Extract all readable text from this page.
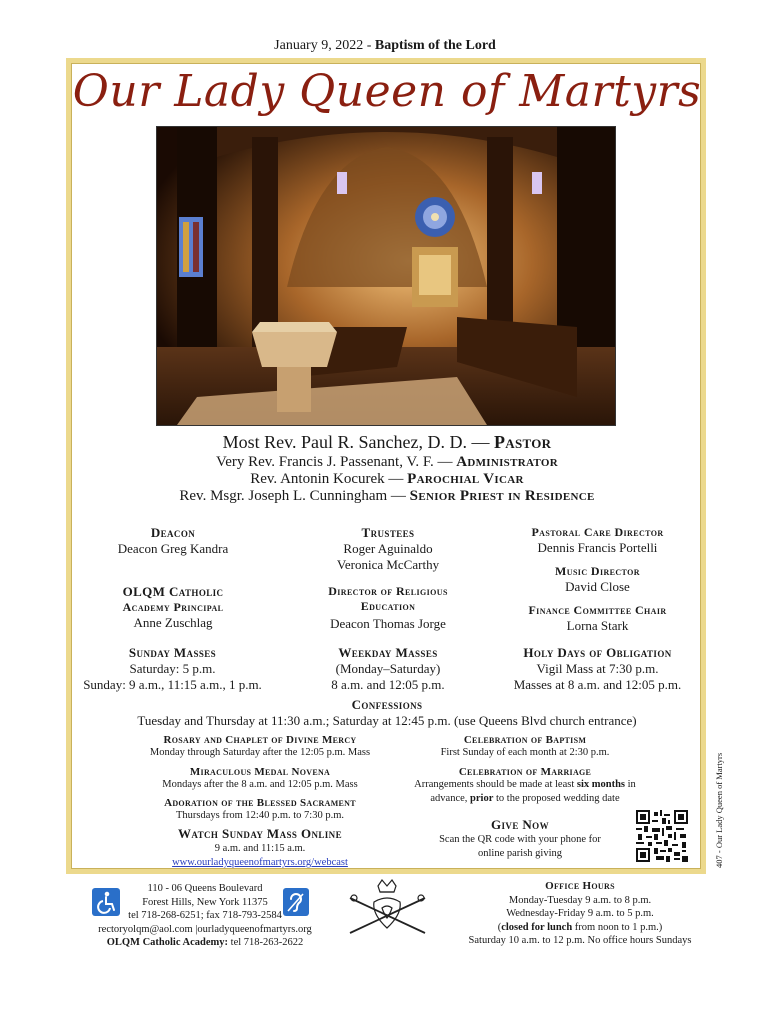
January 9, 2022 - Baptism of the Lord
Our Lady Queen of Martyrs
Most Rev. Paul R. Sanchez, D. D. — Pastor
Very Rev. Francis J. Passenant, V. F. — Administrator
Rev. Antonin Kocurek — Parochial Vicar
Rev. Msgr. Joseph L. Cunningham — Senior Priest in Residence
Deacon
Deacon Greg Kandra
OLQM Catholic
Academy Principal
Anne Zuschlag
Trustees
Roger Aguinaldo
Veronica McCarthy
Director of Religious
Education
Deacon Thomas Jorge
Pastoral Care Director
Dennis Francis Portelli
Music Director
David Close
Finance Committee Chair
Lorna Stark
Sunday Masses
Saturday: 5 p.m.
Sunday: 9 a.m., 11:15 a.m., 1 p.m.
Weekday Masses
(Monday–Saturday)
8 a.m. and 12:05 p.m.
Holy Days of Obligation
Vigil Mass at 7:30 p.m.
Masses at 8 a.m. and 12:05 p.m.
Confessions
Tuesday and Thursday at 11:30 a.m.; Saturday at 12:45 p.m. (use Queens Blvd church entrance)
Rosary and Chaplet of Divine Mercy
Monday through Saturday after the 12:05 p.m. Mass
Miraculous Medal Novena
Mondays after the 8 a.m. and 12:05 p.m. Mass
Adoration of the Blessed Sacrament
Thursdays from 12:40 p.m. to 7:30 p.m.
Watch Sunday Mass Online
9 a.m. and 11:15 a.m.
www.ourladyqueenofmartyrs.org/webcast
Celebration of Baptism
First Sunday of each month at 2:30 p.m.
Celebration of Marriage
Arrangements should be made at least six months in
advance, prior to the proposed wedding date
Give Now
Scan the QR code with your phone for
online parish giving	407 - Our Lady Queen of Martyrs
110 - 06 Queens Boulevard
Forest Hills, New York 11375
tel 718-268-6251; fax 718-793-2584
rectoryolqm@aol.com |ourladyqueenofmartyrs.org
OLQM Catholic Academy: tel 718-263-2622
Office Hours
Monday-Tuesday 9 a.m. to 8 p.m.
Wednesday-Friday 9 a.m. to 5 p.m.
(closed for lunch from noon to 1 p.m.)
Saturday 10 a.m. to 12 p.m. No office hours Sundays
